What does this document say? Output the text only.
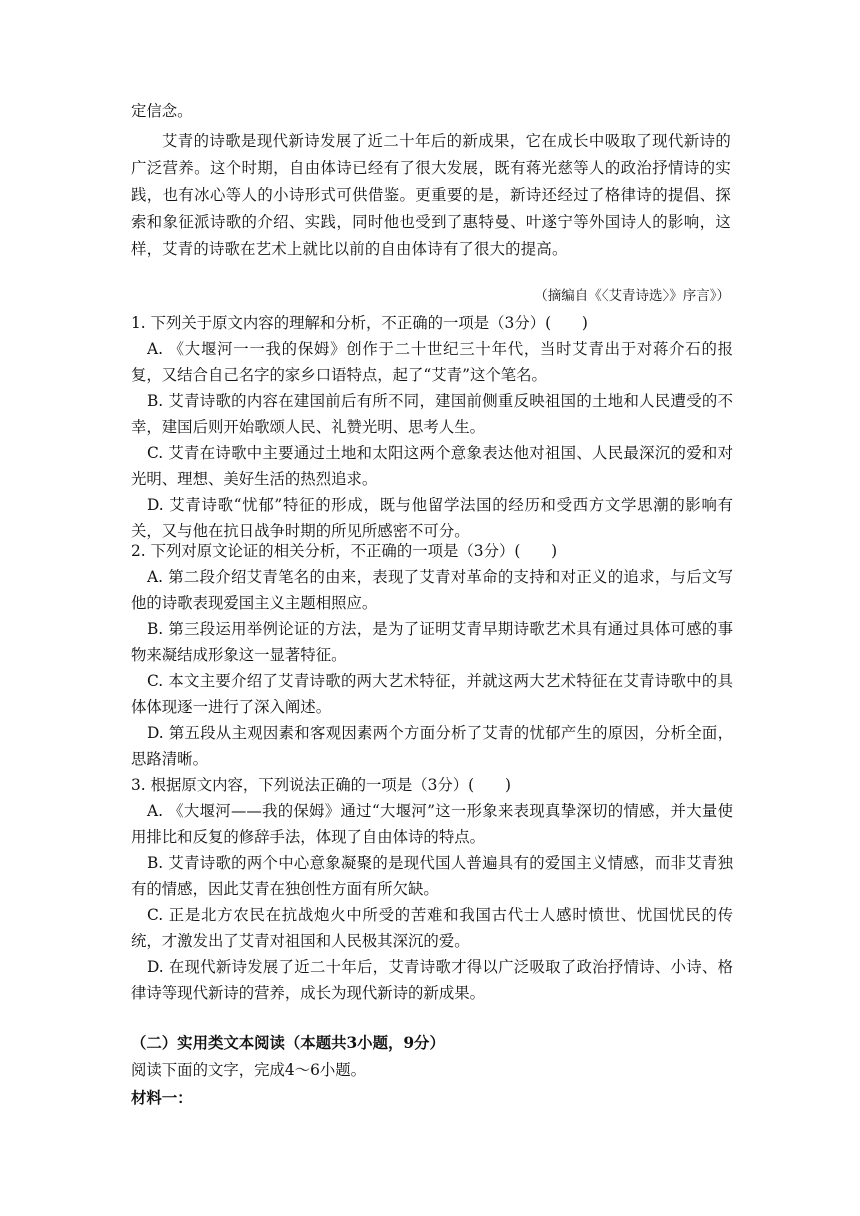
定信念。
艾青的诗歌是现代新诗发展了近二十年后的新成果，它在成长中吸取了现代新诗的广泛营养。这个时期，自由体诗已经有了很大发展，既有蒋光慈等人的政治抒情诗的实践，也有冰心等人的小诗形式可供借鉴。更重要的是，新诗还经过了格律诗的提倡、探索和象征派诗歌的介绍、实践，同时他也受到了惠特曼、叶遂宁等外国诗人的影响，这样，艾青的诗歌在艺术上就比以前的自由体诗有了很大的提高。
（摘编自《〈艾青诗选〉》序言》）

1. 下列关于原文内容的理解和分析，不正确的一项是（3分）(　　)

A. 《大堰河一一我的保姆》创作于二十世纪三十年代，当时艾青出于对蒋介石的报复，又结合自己名字的家乡口语特点，起了“艾青”这个笔名。

B. 艾青诗歌的内容在建国前后有所不同，建国前侧重反映祖国的土地和人民遭受的不幸，建国后则开始歌颂人民、礼赞光明、思考人生。

C. 艾青在诗歌中主要通过土地和太阳这两个意象表达他对祖国、人民最深沉的爱和对光明、理想、美好生活的热烈追求。

D. 艾青诗歌“忧郁”特征的形成，既与他留学法国的经历和受西方文学思潮的影响有关，又与他在抗日战争时期的所见所感密不可分。

2. 下列对原文论证的相关分析，不正确的一项是（3分）(　　)

A. 第二段介绍艾青笔名的由来，表现了艾青对革命的支持和对正义的追求，与后文写他的诗歌表现爱国主义主题相照应。

B. 第三段运用举例论证的方法，是为了证明艾青早期诗歌艺术具有通过具体可感的事物来凝结成形象这一显著特征。

C. 本文主要介绍了艾青诗歌的两大艺术特征，并就这两大艺术特征在艾青诗歌中的具体体现逐一进行了深入阐述。

D. 第五段从主观因素和客观因素两个方面分析了艾青的忧郁产生的原因，分析全面，思路清晰。

3. 根据原文内容，下列说法正确的一项是（3分）(　　)

A. 《大堰河——我的保姆》通过“大堰河”这一形象来表现真挚深切的情感，并大量使用排比和反复的修辞手法，体现了自由体诗的特点。

B. 艾青诗歌的两个中心意象凝聚的是现代国人普遍具有的爱国主义情感，而非艾青独有的情感，因此艾青在独创性方面有所欠缺。

C. 正是北方农民在抗战炮火中所受的苦难和我国古代士人感时愤世、忧国忧民的传统，才激发出了艾青对祖国和人民极其深沉的爱。

D. 在现代新诗发展了近二十年后，艾青诗歌才得以广泛吸取了政治抒情诗、小诗、格律诗等现代新诗的营养，成长为现代新诗的新成果。

（二）实用类文本阅读（本题共3小题，9分）
阅读下面的文字，完成4～6小题。
材料一：
